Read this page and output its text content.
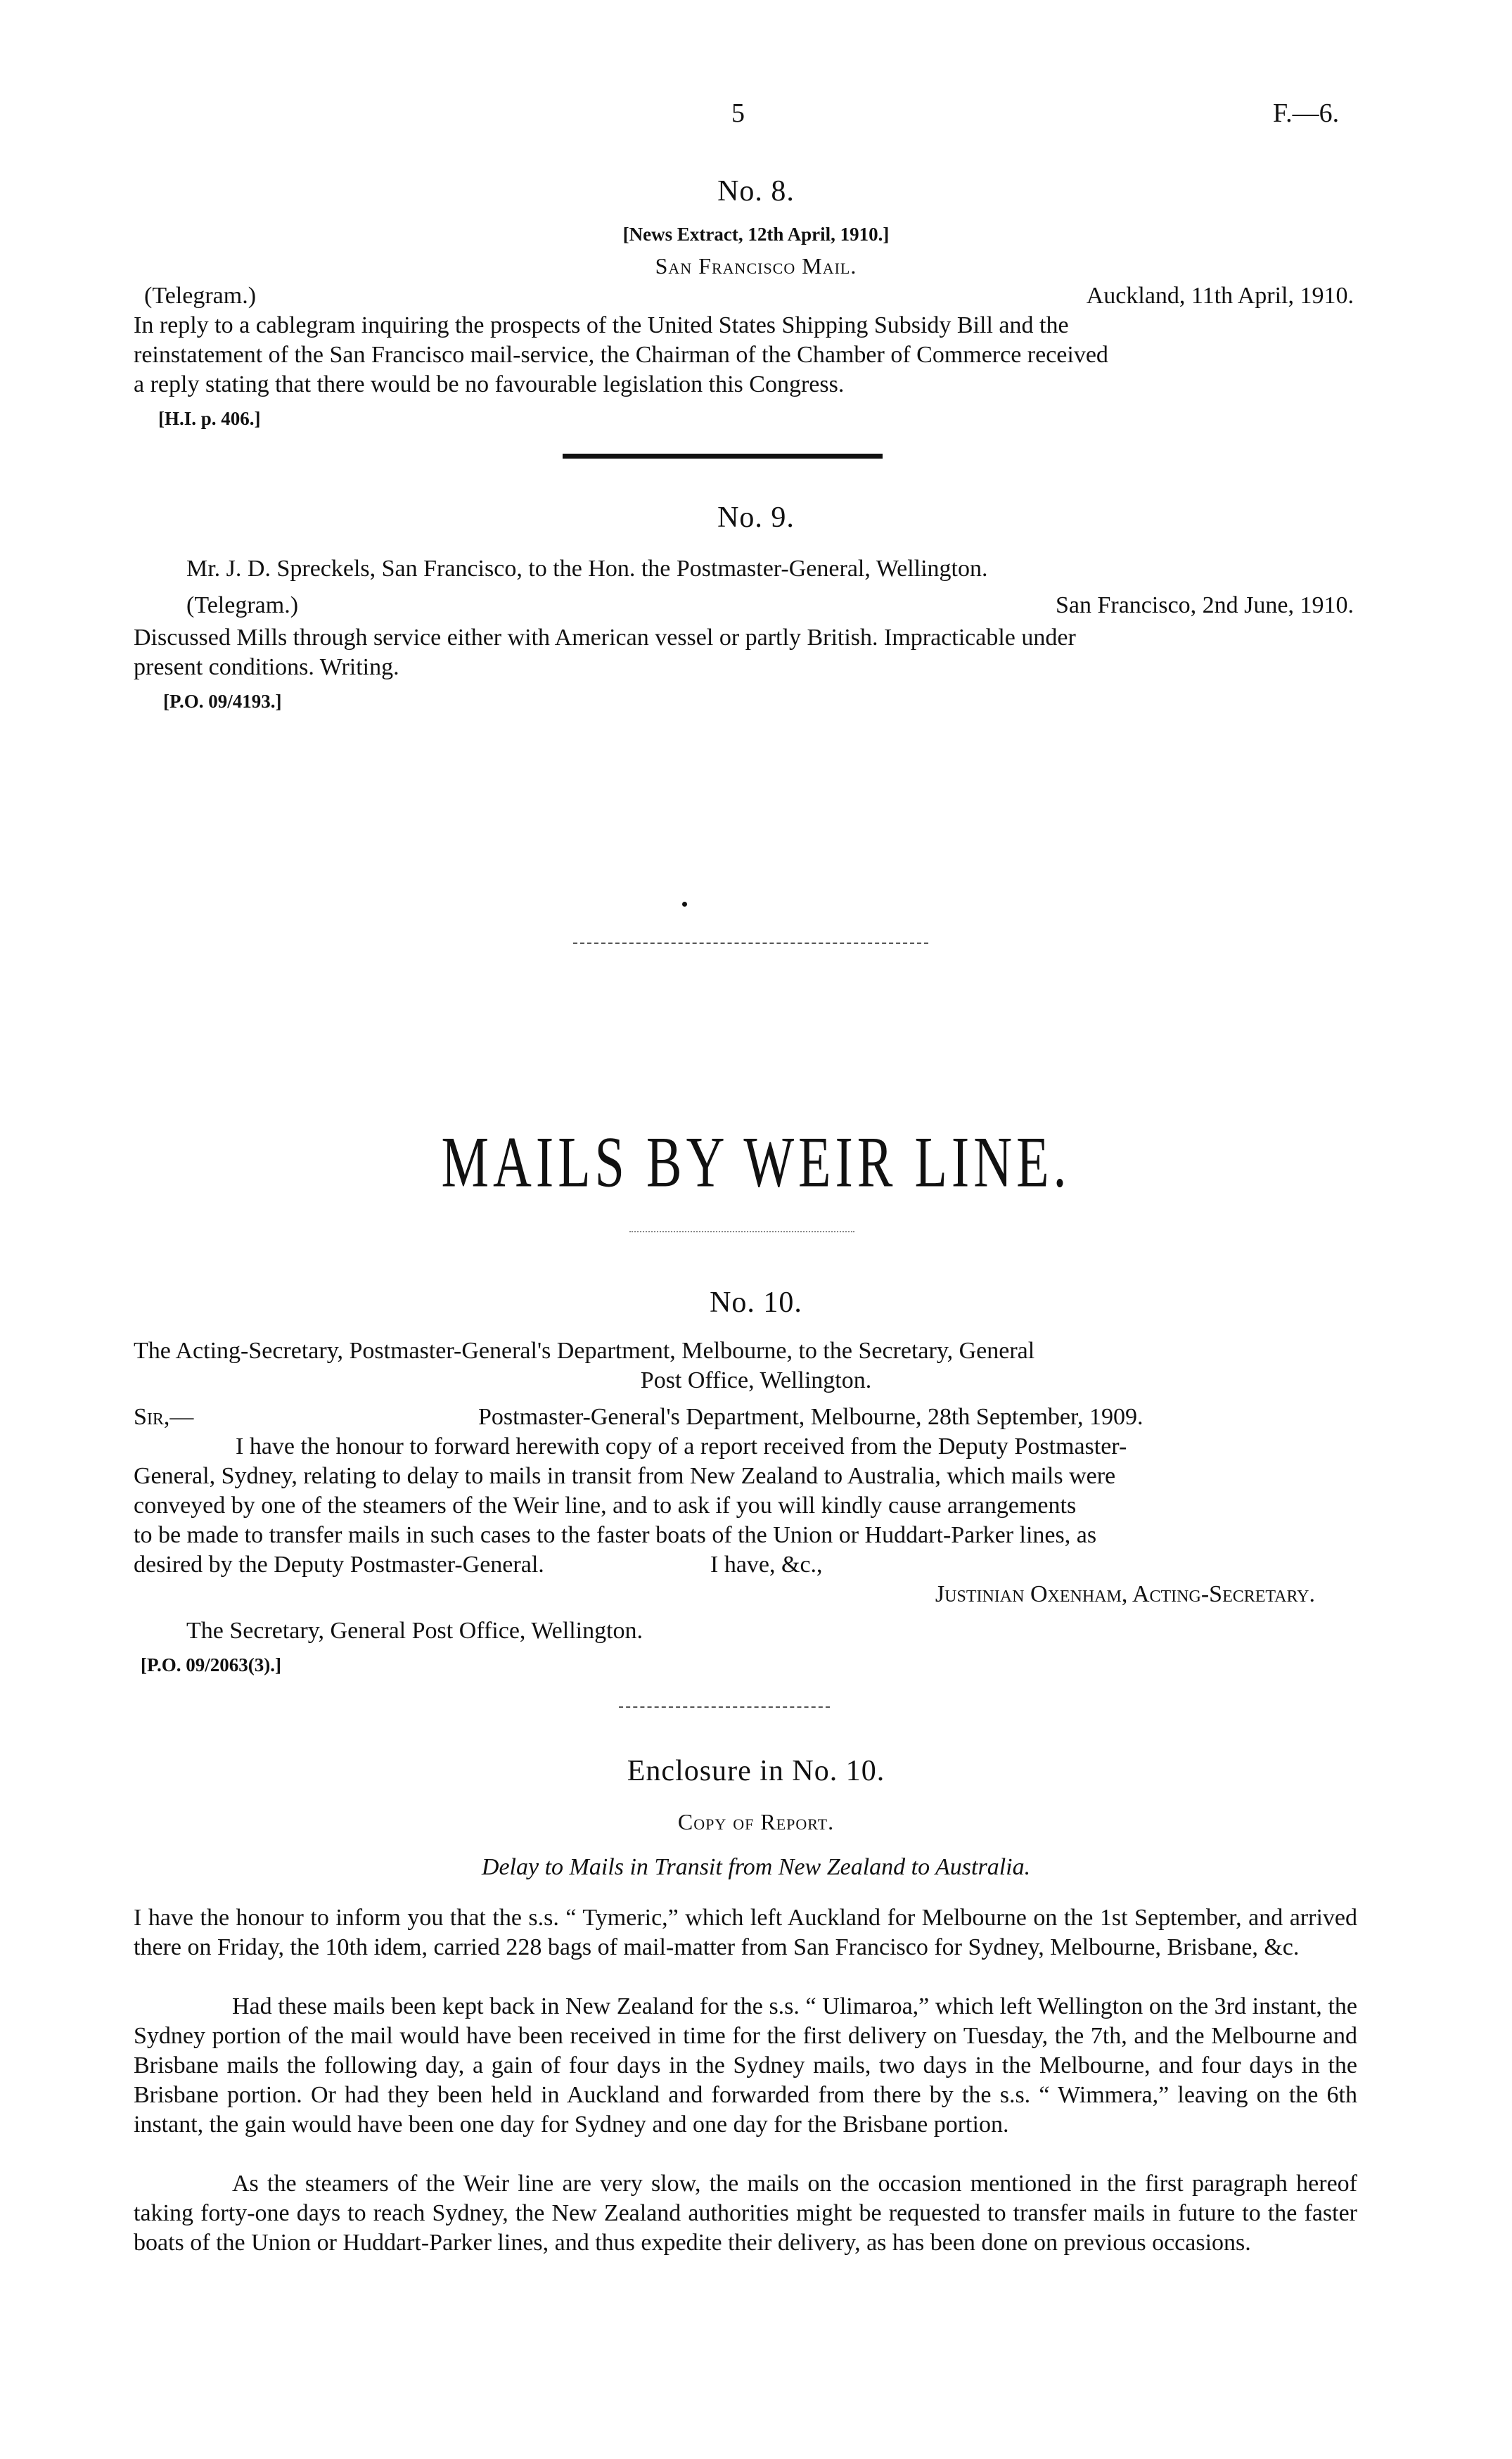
5	F.—6.
No. 8.
[News Extract, 12th April, 1910.]
San Francisco Mail.
(Telegram.)	Auckland, 11th April, 1910.
In reply to a cablegram inquiring the prospects of the United States Shipping Subsidy Bill and the
reinstatement of the San Francisco mail-service, the Chairman of the Chamber of Commerce received
a reply stating that there would be no favourable legislation this Congress.
[H.I. p. 406.]
No. 9.
Mr. J. D. Spreckels, San Francisco, to the Hon. the Postmaster-General, Wellington.
(Telegram.)	San Francisco, 2nd June, 1910.
Discussed Mills through service either with American vessel or partly British. Impracticable under
present conditions. Writing.
[P.O. 09/4193.]
MAILS BY WEIR LINE.
No. 10.
The Acting-Secretary, Postmaster-General's Department, Melbourne, to the Secretary, General
Post Office, Wellington.
Sir,—	Postmaster-General's Department, Melbourne, 28th September, 1909.
I have the honour to forward herewith copy of a report received from the Deputy Postmaster-
General, Sydney, relating to delay to mails in transit from New Zealand to Australia, which mails were
conveyed by one of the steamers of the Weir line, and to ask if you will kindly cause arrangements
to be made to transfer mails in such cases to the faster boats of the Union or Huddart-Parker lines, as
desired by the Deputy Postmaster-General.	I have, &c.,
Justinian Oxenham, Acting-Secretary.
The Secretary, General Post Office, Wellington.
[P.O. 09/2063(3).]
Enclosure in No. 10.
Copy of Report.
Delay to Mails in Transit from New Zealand to Australia.
I have the honour to inform you that the s.s. “ Tymeric,” which left Auckland for Melbourne on the 1st September, and arrived there on Friday, the 10th idem, carried 228 bags of mail-matter from San Francisco for Sydney, Melbourne, Brisbane, &c.
Had these mails been kept back in New Zealand for the s.s. “ Ulimaroa,” which left Wellington on the 3rd instant, the Sydney portion of the mail would have been received in time for the first delivery on Tuesday, the 7th, and the Melbourne and Brisbane mails the following day, a gain of four days in the Sydney mails, two days in the Melbourne, and four days in the Brisbane portion. Or had they been held in Auckland and forwarded from there by the s.s. “ Wimmera,” leaving on the 6th instant, the gain would have been one day for Sydney and one day for the Brisbane portion.
As the steamers of the Weir line are very slow, the mails on the occasion mentioned in the first paragraph hereof taking forty-one days to reach Sydney, the New Zealand authorities might be requested to transfer mails in future to the faster boats of the Union or Huddart-Parker lines, and thus expedite their delivery, as has been done on previous occasions.
